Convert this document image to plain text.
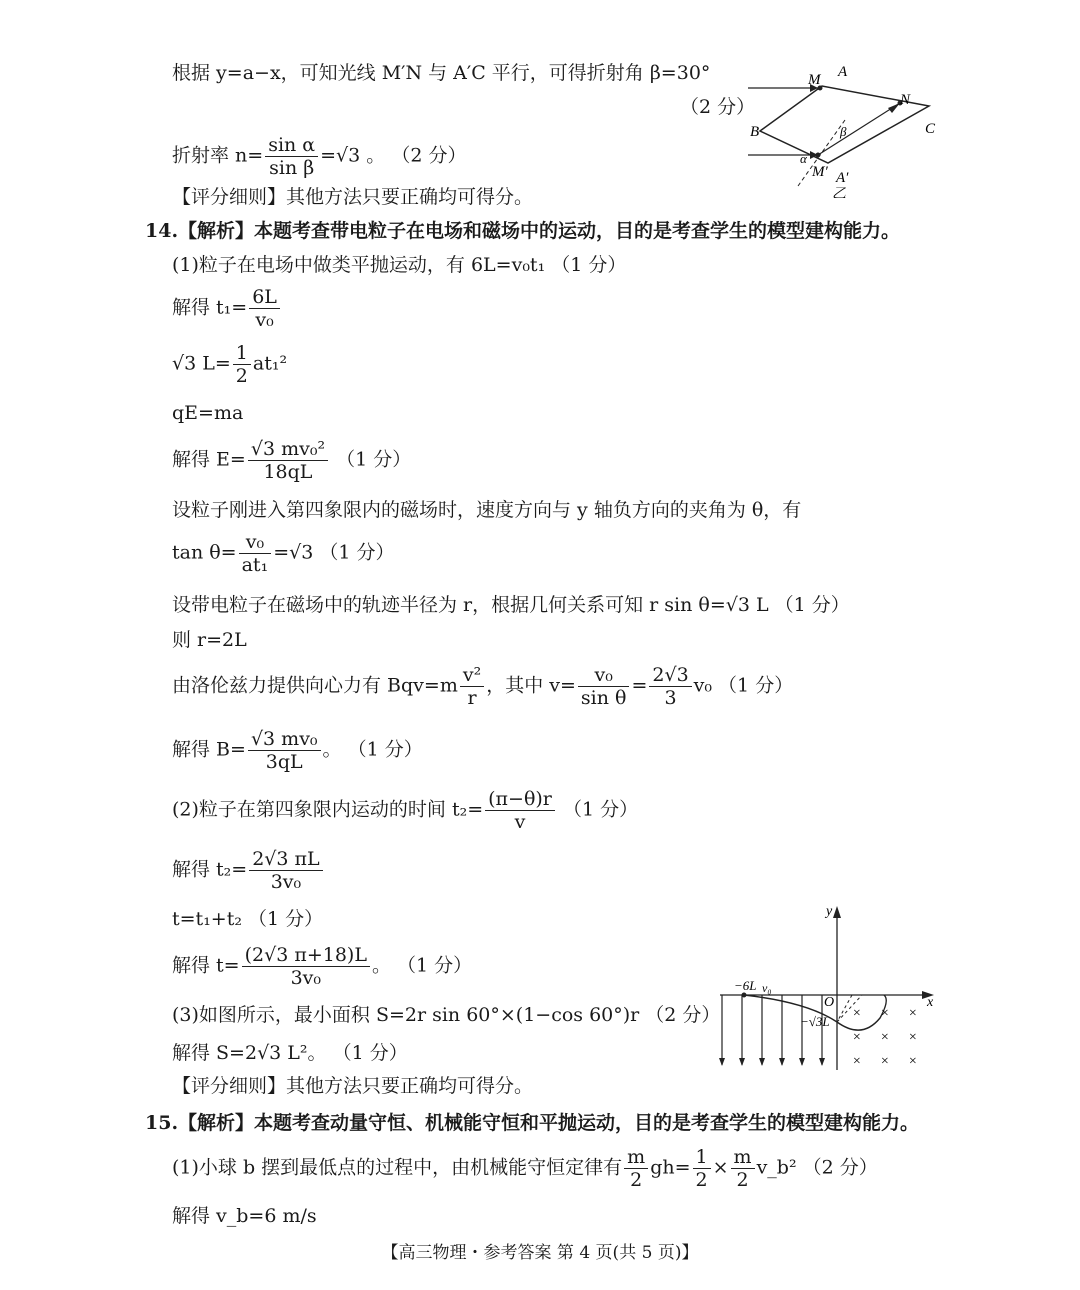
根据 y=a−x，可知光线 M′N 与 A′C 平行，可得折射角 β=30°
（2 分）
折射率 $n= \frac{\text{sin α}}{\text{sin β}} =√3$ 。 （2 分）
【评分细则】其他方法只要正确均可得分。
M A
N
B	C
α
β
M′ A′
乙
14.【解析】本题考查带电粒子在电场和磁场中的运动，目的是考查学生的模型建构能力。
(1)粒子在电场中做类平抛运动，有 6L=v₀t₁ （1 分）
解得 $t_1= \frac{6L}{\text{v₀}}$
√3 $L= \frac{1}{2} at_1^2$
qE=ma
解得 $E= \frac{\text{√3 mv₀²}}{18qL} (1$ 分）
设粒子刚进入第四象限内的磁场时，速度方向与 y 轴负方向的夹角为 θ，有
$\tan \theta= \frac{\text{v₀}}{\text{at₁}} =√3$ （1 分）
设带电粒子在磁场中的轨迹半径为 r，根据几何关系可知 r sin θ=√3 L （1 分）
则 r=2L
由洛伦兹力提供向心力有 $Bqv=m \frac{\text{v²}}{r}$ ，其中 $v= \frac{\text{v₀}}{\text{sin θ}} = \frac{2√3}{3} v_0$ （1 分）
解得 $B= \frac{\text{√3 mv₀}}{3qL}$ 。 （1 分）
(2)粒子在第四象限内运动的时间 $t_2= \frac{(\pi-\theta)r}{v} (1$ 分）
解得 $t_2= \frac{2√3 \pi L}{\text{3v₀}}$
t=t₁+t₂ （1 分）
解得 $t= \frac{(2√3 \pi+18)L}{\text{3v₀}}$ 。 （1 分）
(3)如图所示，最小面积 S=2r sin 60°×(1−cos 60°)r （2 分）
解得 S=2√3 L²。 （1 分）
【评分细则】其他方法只要正确均可得分。
y
x
O
−6L v₀
−√3L
× × ×
× × ×
× × ×
15.【解析】本题考查动量守恒、机械能守恒和平抛运动，目的是考查学生的模型建构能力。
(1)小球 b 摆到最低点的过程中，由机械能守恒定律有 $\frac{m}{2} gh= \frac{1}{2} \times \frac{m}{2}$ v_b² （2 分）
解得 v_b=6 m/s
【高三物理・参考答案 第 4 页(共 5 页)】
